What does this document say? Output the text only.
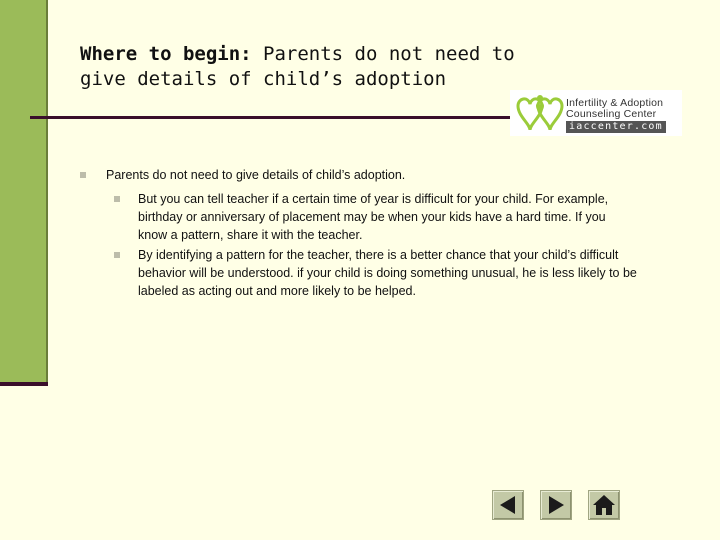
Where to begin: Parents do not need to give details of child’s adoption
Infertility & Adoption
Counseling Center
iaccenter.com
Parents do not need to give details of child’s adoption.
But you can tell teacher if a certain time of year is difficult for your child. For example, birthday or anniversary of placement may be when your kids have a hard time. If you know a pattern, share it with the teacher.
By identifying a pattern for the teacher, there is a better chance that your child’s difficult behavior will be understood. if your child is doing something unusual, he is less likely to be labeled as acting out and more likely to be helped.
